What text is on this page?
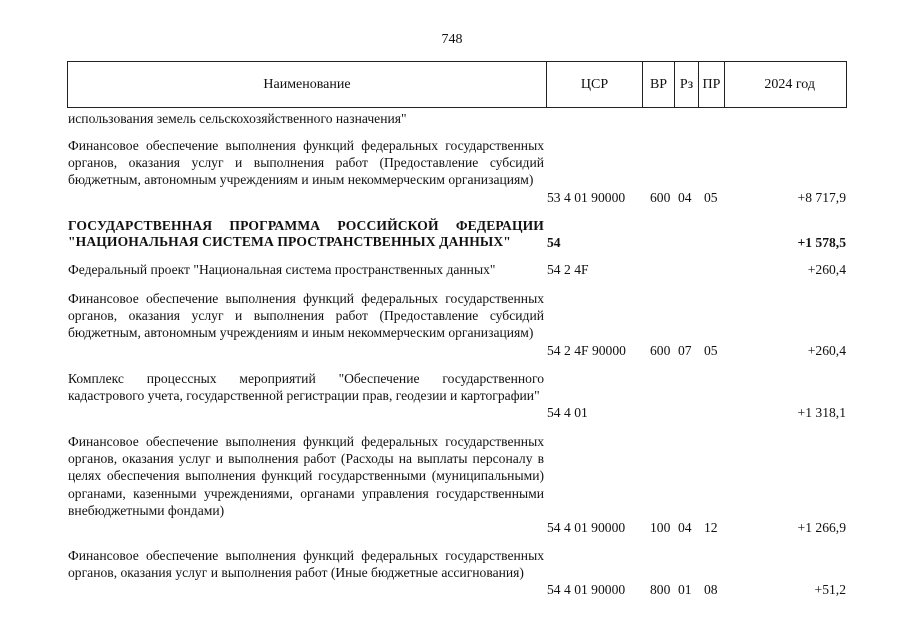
748
Наименование	ЦСР	ВР	Рз	ПР	2024 год
использования земель сельскохозяйственного назначения"
Финансовое обеспечение выполнения функций федеральных государственных органов, оказания услуг и выполнения работ (Предоставление субсидий бюджетным, автономным учреждениям и иным некоммерческим организациям)
53 4 01 90000	600 04 05	+8 717,9
ГОСУДАРСТВЕННАЯ ПРОГРАММА РОССИЙСКОЙ ФЕДЕРАЦИИ "НАЦИОНАЛЬНАЯ СИСТЕМА ПРОСТРАНСТВЕННЫХ ДАННЫХ"	54	+1 578,5
Федеральный проект "Национальная система пространственных данных"	54 2 4F	+260,4
Финансовое обеспечение выполнения функций федеральных государственных органов, оказания услуг и выполнения работ (Предоставление субсидий бюджетным, автономным учреждениям и иным некоммерческим организациям)
54 2 4F 90000	600 07 05	+260,4
Комплекс процессных мероприятий "Обеспечение государственного кадастрового учета, государственной регистрации прав, геодезии и картографии"
54 4 01	+1 318,1
Финансовое обеспечение выполнения функций федеральных государственных органов, оказания услуг и выполнения работ (Расходы на выплаты персоналу в целях обеспечения выполнения функций государственными (муниципальными) органами, казенными учреждениями, органами управления государственными внебюджетными фондами)
54 4 01 90000	100 04 12	+1 266,9
Финансовое обеспечение выполнения функций федеральных государственных органов, оказания услуг и выполнения работ (Иные бюджетные ассигнования)
54 4 01 90000	800 01 08	+51,2
